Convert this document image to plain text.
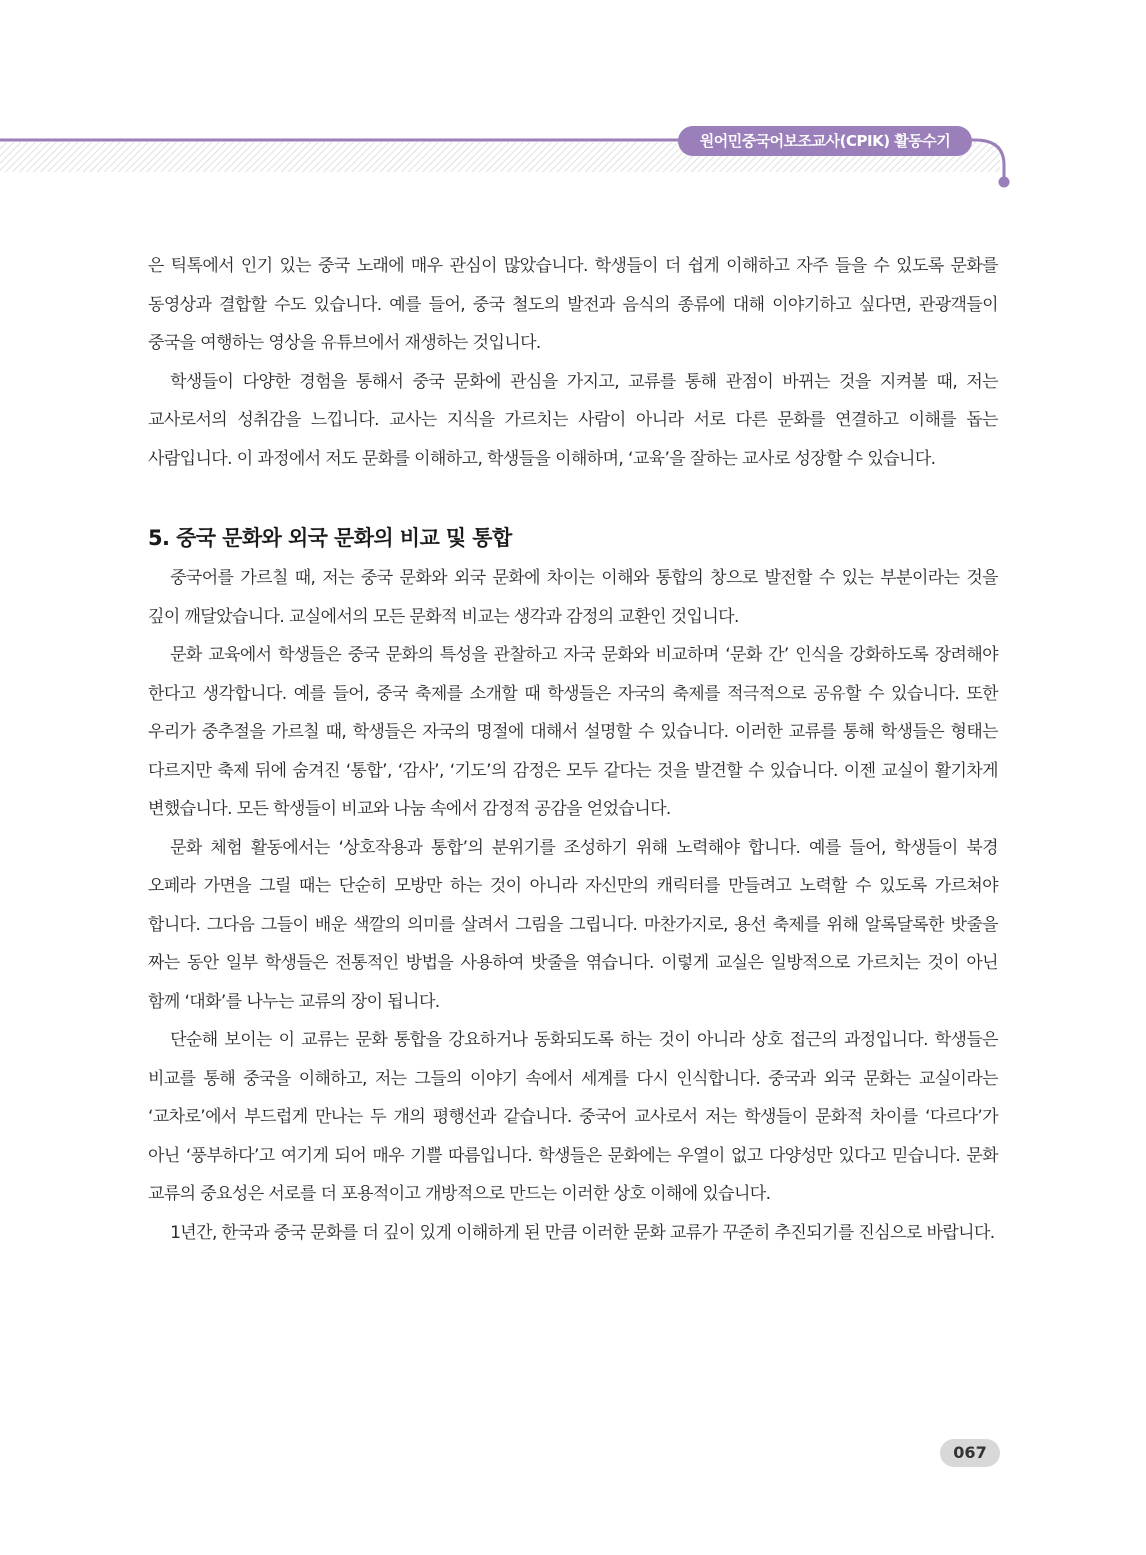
원어민중국어보조교사(CPIK) 활동수기

은 틱톡에서 인기 있는 중국 노래에 매우 관심이 많았습니다. 학생들이 더 쉽게 이해하고 자주 들을 수 있도록 문화를 동영상과 결합할 수도 있습니다. 예를 들어, 중국 철도의 발전과 음식의 종류에 대해 이야기하고 싶다면, 관광객들이 중국을 여행하는 영상을 유튜브에서 재생하는 것입니다.

학생들이 다양한 경험을 통해서 중국 문화에 관심을 가지고, 교류를 통해 관점이 바뀌는 것을 지켜볼 때, 저는 교사로서의 성취감을 느낍니다. 교사는 지식을 가르치는 사람이 아니라 서로 다른 문화를 연결하고 이해를 돕는 사람입니다. 이 과정에서 저도 문화를 이해하고, 학생들을 이해하며, ‘교육’을 잘하는 교사로 성장할 수 있습니다.

5. 중국 문화와 외국 문화의 비교 및 통합

중국어를 가르칠 때, 저는 중국 문화와 외국 문화에 차이는 이해와 통합의 창으로 발전할 수 있는 부분이라는 것을 깊이 깨달았습니다. 교실에서의 모든 문화적 비교는 생각과 감정의 교환인 것입니다.

문화 교육에서 학생들은 중국 문화의 특성을 관찰하고 자국 문화와 비교하며 ‘문화 간’ 인식을 강화하도록 장려해야 한다고 생각합니다. 예를 들어, 중국 축제를 소개할 때 학생들은 자국의 축제를 적극적으로 공유할 수 있습니다. 또한 우리가 중추절을 가르칠 때, 학생들은 자국의 명절에 대해서 설명할 수 있습니다. 이러한 교류를 통해 학생들은 형태는 다르지만 축제 뒤에 숨겨진 ‘통합’, ‘감사’, ‘기도’의 감정은 모두 같다는 것을 발견할 수 있습니다. 이젠 교실이 활기차게 변했습니다. 모든 학생들이 비교와 나눔 속에서 감정적 공감을 얻었습니다.

문화 체험 활동에서는 ‘상호작용과 통합’의 분위기를 조성하기 위해 노력해야 합니다. 예를 들어, 학생들이 북경 오페라 가면을 그릴 때는 단순히 모방만 하는 것이 아니라 자신만의 캐릭터를 만들려고 노력할 수 있도록 가르쳐야 합니다. 그다음 그들이 배운 색깔의 의미를 살려서 그림을 그립니다. 마찬가지로, 용선 축제를 위해 알록달록한 밧줄을 짜는 동안 일부 학생들은 전통적인 방법을 사용하여 밧줄을 엮습니다. 이렇게 교실은 일방적으로 가르치는 것이 아닌 함께 ‘대화’를 나누는 교류의 장이 됩니다.

단순해 보이는 이 교류는 문화 통합을 강요하거나 동화되도록 하는 것이 아니라 상호 접근의 과정입니다. 학생들은 비교를 통해 중국을 이해하고, 저는 그들의 이야기 속에서 세계를 다시 인식합니다. 중국과 외국 문화는 교실이라는 ‘교차로’에서 부드럽게 만나는 두 개의 평행선과 같습니다. 중국어 교사로서 저는 학생들이 문화적 차이를 ‘다르다’가 아닌 ‘풍부하다’고 여기게 되어 매우 기쁠 따름입니다. 학생들은 문화에는 우열이 없고 다양성만 있다고 믿습니다. 문화 교류의 중요성은 서로를 더 포용적이고 개방적으로 만드는 이러한 상호 이해에 있습니다.

1년간, 한국과 중국 문화를 더 깊이 있게 이해하게 된 만큼 이러한 문화 교류가 꾸준히 추진되기를 진심으로 바랍니다.

067
